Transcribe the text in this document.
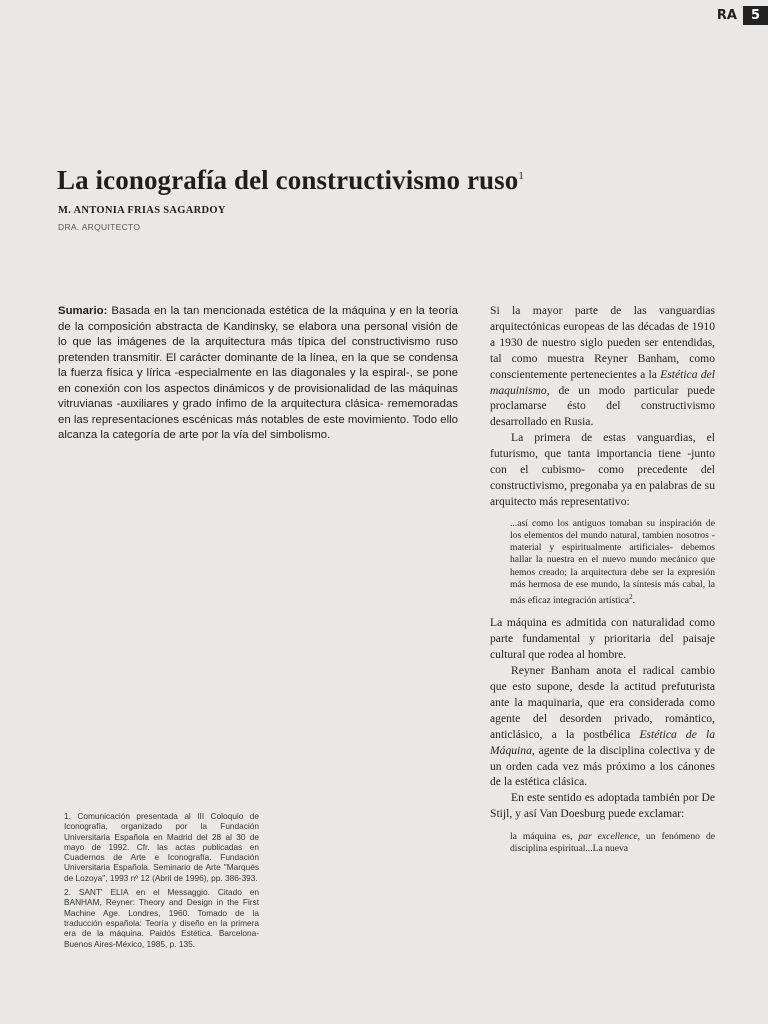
RA	5
La iconografía del constructivismo ruso$^1$
M. ANTONIA FRIAS SAGARDOY
DRA. ARQUITECTO
Sumario: Basada en la tan mencionada estética de la máquina y en la teoría de la composición abstracta de Kandinsky, se elabora una personal visión de lo que las imágenes de la arquitectura más típica del constructivismo ruso pretenden transmitir. El carácter dominante de la línea, en la que se condensa la fuerza física y lírica -especialmente en las diagonales y la espiral-, se pone en conexión con los aspectos dinámicos y de provisionalidad de las máquinas vitruvianas -auxiliares y grado ínfimo de la arquitectura clásica- rememoradas en las representaciones escénicas más notables de este movimiento. Todo ello alcanza la categoría de arte por la vía del simbolismo.

1. Comunicación presentada al III Coloquio de Iconografía, organizado por la Fundación Universitaria Española en Madrid del 28 al 30 de mayo de 1992. Cfr. las actas publicadas en Cuadernos de Arte e Iconografía. Fundación Universitaria Española. Seminario de Arte "Marqués de Lozoya", 1993 nº 12 (Abril de 1996), pp. 386-393.

2. SANT' ELIA en el Messaggio. Citado en BANHAM, Reyner: Theory and Design in the First Machine Age. Londres, 1960. Tomado de la traducción española: Teoría y diseño en la primera era de la máquina. Paidós Estética. Barcelona-Buenos Aires-México, 1985, p. 135.

Si la mayor parte de las vanguardias arquitectónicas europeas de las décadas de 1910 a 1930 de nuestro siglo pueden ser entendidas, tal como muestra Reyner Banham, como conscientemente pertenecientes a la Estética del maquinismo, de un modo particular puede proclamarse ésto del constructivismo desarrollado en Rusia.

La primera de estas vanguardias, el futurismo, que tanta importancia tiene -junto con el cubismo- como precedente del constructivismo, pregonaba ya en palabras de su arquitecto más representativo:

...así como los antiguos tomaban su inspiración de los elementos del mundo natural, tambien nosotros -material y espiritualmente artificiales- debemos hallar la nuestra en el nuevo mundo mecánico que hemos creado; la arquitectura debe ser la expresión más hermosa de ese mundo, la síntesis más cabal, la más eficaz integración artística$^2$.

La máquina es admitida con naturalidad como parte fundamental y prioritaria del paisaje cultural que rodea al hombre.

Reyner Banham anota el radical cambio que esto supone, desde la actitud prefuturista ante la maquinaria, que era considerada como agente del desorden privado, romántico, anticlásico, a la postbélica Estética de la Máquina, agente de la disciplina colectiva y de un orden cada vez más próximo a los cánones de la estética clásica.

En este sentido es adoptada también por De Stijl, y así Van Doesburg puede exclamar:

la máquina es, par excellence, un fenómeno de disciplina espiritual...La nueva
